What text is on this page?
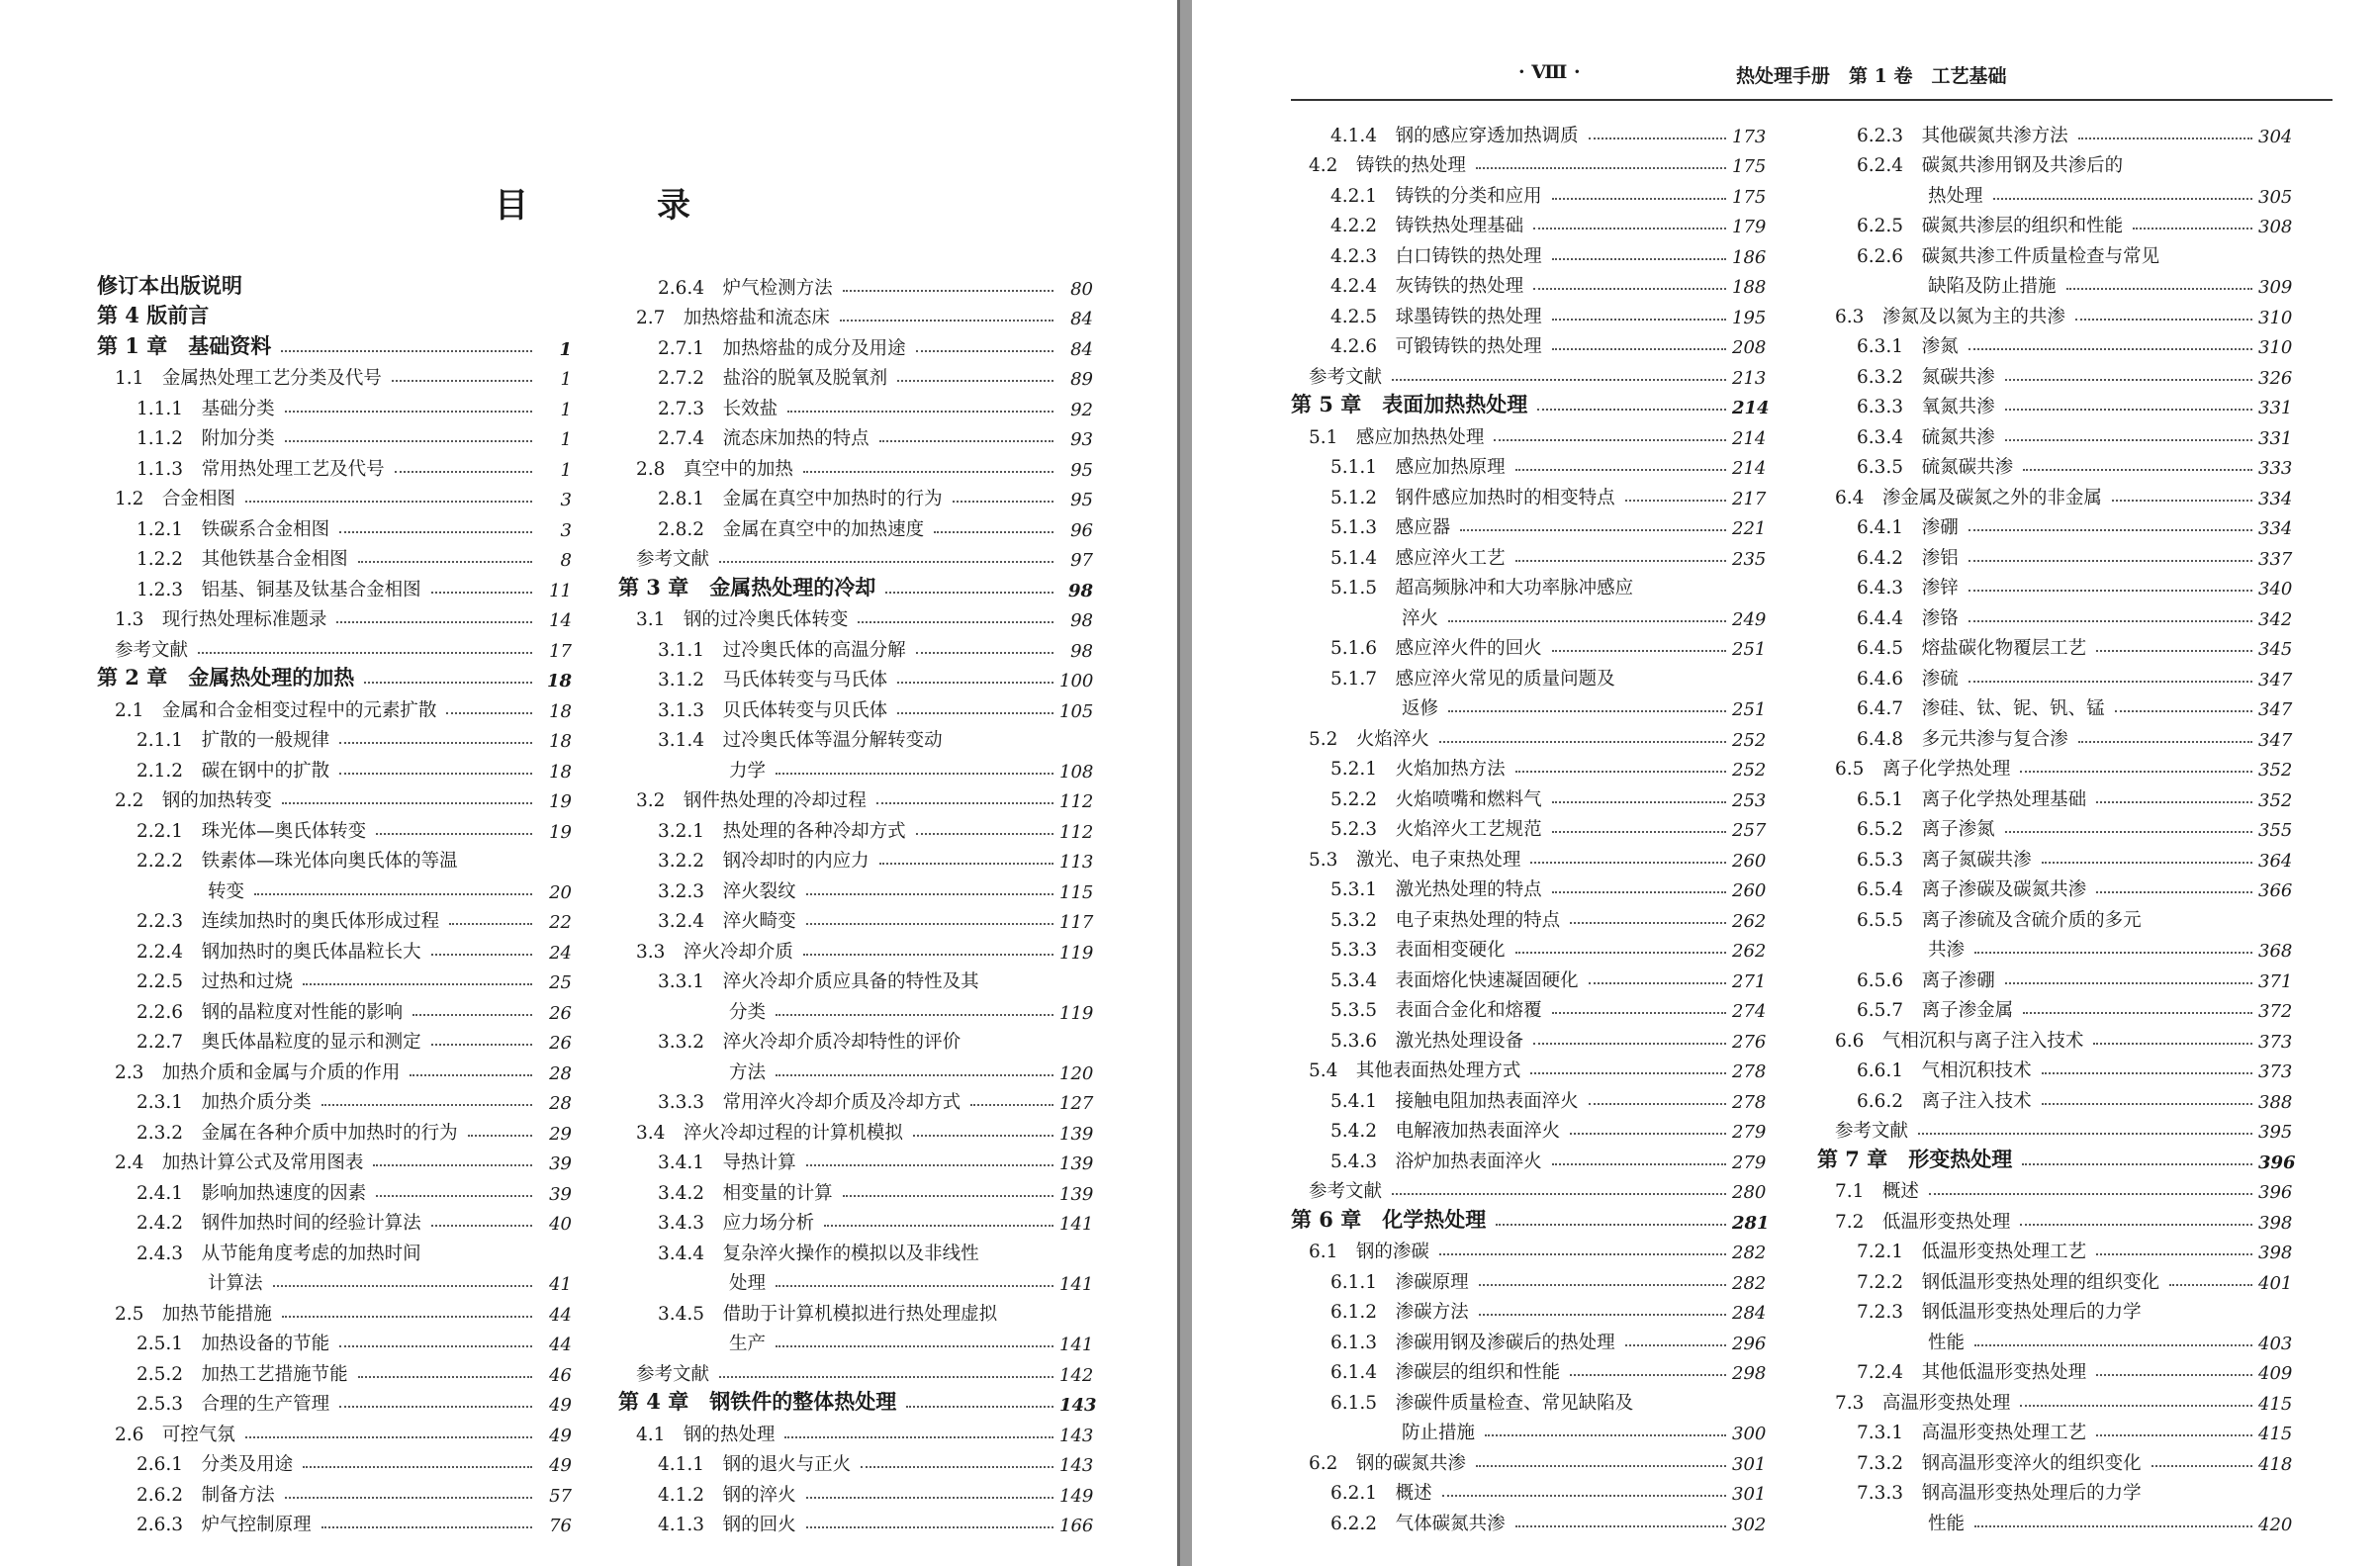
目	录
修订本出版说明
第 4 版前言
第 1 章　基础资料	1
1.1　金属热处理工艺分类及代号	1
1.1.1　基础分类	1
1.1.2　附加分类	1
1.1.3　常用热处理工艺及代号	1
1.2　合金相图	3
1.2.1　铁碳系合金相图	3
1.2.2　其他铁基合金相图	8
1.2.3　铝基、铜基及钛基合金相图	11
1.3　现行热处理标准题录	14
参考文献	17
第 2 章　金属热处理的加热	18
2.1　金属和合金相变过程中的元素扩散	18
2.1.1　扩散的一般规律	18
2.1.2　碳在钢中的扩散	18
2.2　钢的加热转变	19
2.2.1　珠光体—奥氏体转变	19
2.2.2　铁素体—珠光体向奥氏体的等温
转变	20
2.2.3　连续加热时的奥氏体形成过程	22
2.2.4　钢加热时的奥氏体晶粒长大	24
2.2.5　过热和过烧	25
2.2.6　钢的晶粒度对性能的影响	26
2.2.7　奥氏体晶粒度的显示和测定	26
2.3　加热介质和金属与介质的作用	28
2.3.1　加热介质分类	28
2.3.2　金属在各种介质中加热时的行为	29
2.4　加热计算公式及常用图表	39
2.4.1　影响加热速度的因素	39
2.4.2　钢件加热时间的经验计算法	40
2.4.3　从节能角度考虑的加热时间
计算法	41
2.5　加热节能措施	44
2.5.1　加热设备的节能	44
2.5.2　加热工艺措施节能	46
2.5.3　合理的生产管理	49
2.6　可控气氛	49
2.6.1　分类及用途	49
2.6.2　制备方法	57
2.6.3　炉气控制原理	76
2.6.4　炉气检测方法	80
2.7　加热熔盐和流态床	84
2.7.1　加热熔盐的成分及用途	84
2.7.2　盐浴的脱氧及脱氧剂	89
2.7.3　长效盐	92
2.7.4　流态床加热的特点	93
2.8　真空中的加热	95
2.8.1　金属在真空中加热时的行为	95
2.8.2　金属在真空中的加热速度	96
参考文献	97
第 3 章　金属热处理的冷却	98
3.1　钢的过冷奥氏体转变	98
3.1.1　过冷奥氏体的高温分解	98
3.1.2　马氏体转变与马氏体	100
3.1.3　贝氏体转变与贝氏体	105
3.1.4　过冷奥氏体等温分解转变动
力学	108
3.2　钢件热处理的冷却过程	112
3.2.1　热处理的各种冷却方式	112
3.2.2　钢冷却时的内应力	113
3.2.3　淬火裂纹	115
3.2.4　淬火畸变	117
3.3　淬火冷却介质	119
3.3.1　淬火冷却介质应具备的特性及其
分类	119
3.3.2　淬火冷却介质冷却特性的评价
方法	120
3.3.3　常用淬火冷却介质及冷却方式	127
3.4　淬火冷却过程的计算机模拟	139
3.4.1　导热计算	139
3.4.2　相变量的计算	139
3.4.3　应力场分析	141
3.4.4　复杂淬火操作的模拟以及非线性
处理	141
3.4.5　借助于计算机模拟进行热处理虚拟
生产	141
参考文献	142
第 4 章　钢铁件的整体热处理	143
4.1　钢的热处理	143
4.1.1　钢的退火与正火	143
4.1.2　钢的淬火	149
4.1.3　钢的回火	166
· Ⅷ ·	热处理手册　第 1 卷　工艺基础
4.1.4　钢的感应穿透加热调质	173
4.2　铸铁的热处理	175
4.2.1　铸铁的分类和应用	175
4.2.2　铸铁热处理基础	179
4.2.3　白口铸铁的热处理	186
4.2.4　灰铸铁的热处理	188
4.2.5　球墨铸铁的热处理	195
4.2.6　可锻铸铁的热处理	208
参考文献	213
第 5 章　表面加热热处理	214
5.1　感应加热热处理	214
5.1.1　感应加热原理	214
5.1.2　钢件感应加热时的相变特点	217
5.1.3　感应器	221
5.1.4　感应淬火工艺	235
5.1.5　超高频脉冲和大功率脉冲感应
淬火	249
5.1.6　感应淬火件的回火	251
5.1.7　感应淬火常见的质量问题及
返修	251
5.2　火焰淬火	252
5.2.1　火焰加热方法	252
5.2.2　火焰喷嘴和燃料气	253
5.2.3　火焰淬火工艺规范	257
5.3　激光、电子束热处理	260
5.3.1　激光热处理的特点	260
5.3.2　电子束热处理的特点	262
5.3.3　表面相变硬化	262
5.3.4　表面熔化快速凝固硬化	271
5.3.5　表面合金化和熔覆	274
5.3.6　激光热处理设备	276
5.4　其他表面热处理方式	278
5.4.1　接触电阻加热表面淬火	278
5.4.2　电解液加热表面淬火	279
5.4.3　浴炉加热表面淬火	279
参考文献	280
第 6 章　化学热处理	281
6.1　钢的渗碳	282
6.1.1　渗碳原理	282
6.1.2　渗碳方法	284
6.1.3　渗碳用钢及渗碳后的热处理	296
6.1.4　渗碳层的组织和性能	298
6.1.5　渗碳件质量检查、常见缺陷及
防止措施	300
6.2　钢的碳氮共渗	301
6.2.1　概述	301
6.2.2　气体碳氮共渗	302
6.2.3　其他碳氮共渗方法	304
6.2.4　碳氮共渗用钢及共渗后的
热处理	305
6.2.5　碳氮共渗层的组织和性能	308
6.2.6　碳氮共渗工件质量检查与常见
缺陷及防止措施	309
6.3　渗氮及以氮为主的共渗	310
6.3.1　渗氮	310
6.3.2　氮碳共渗	326
6.3.3　氧氮共渗	331
6.3.4　硫氮共渗	331
6.3.5　硫氮碳共渗	333
6.4　渗金属及碳氮之外的非金属	334
6.4.1　渗硼	334
6.4.2　渗铝	337
6.4.3　渗锌	340
6.4.4　渗铬	342
6.4.5　熔盐碳化物覆层工艺	345
6.4.6　渗硫	347
6.4.7　渗硅、钛、铌、钒、锰	347
6.4.8　多元共渗与复合渗	347
6.5　离子化学热处理	352
6.5.1　离子化学热处理基础	352
6.5.2　离子渗氮	355
6.5.3　离子氮碳共渗	364
6.5.4　离子渗碳及碳氮共渗	366
6.5.5　离子渗硫及含硫介质的多元
共渗	368
6.5.6　离子渗硼	371
6.5.7　离子渗金属	372
6.6　气相沉积与离子注入技术	373
6.6.1　气相沉积技术	373
6.6.2　离子注入技术	388
参考文献	395
第 7 章　形变热处理	396
7.1　概述	396
7.2　低温形变热处理	398
7.2.1　低温形变热处理工艺	398
7.2.2　钢低温形变热处理的组织变化	401
7.2.3　钢低温形变热处理后的力学
性能	403
7.2.4　其他低温形变热处理	409
7.3　高温形变热处理	415
7.3.1　高温形变热处理工艺	415
7.3.2　钢高温形变淬火的组织变化	418
7.3.3　钢高温形变热处理后的力学
性能	420
